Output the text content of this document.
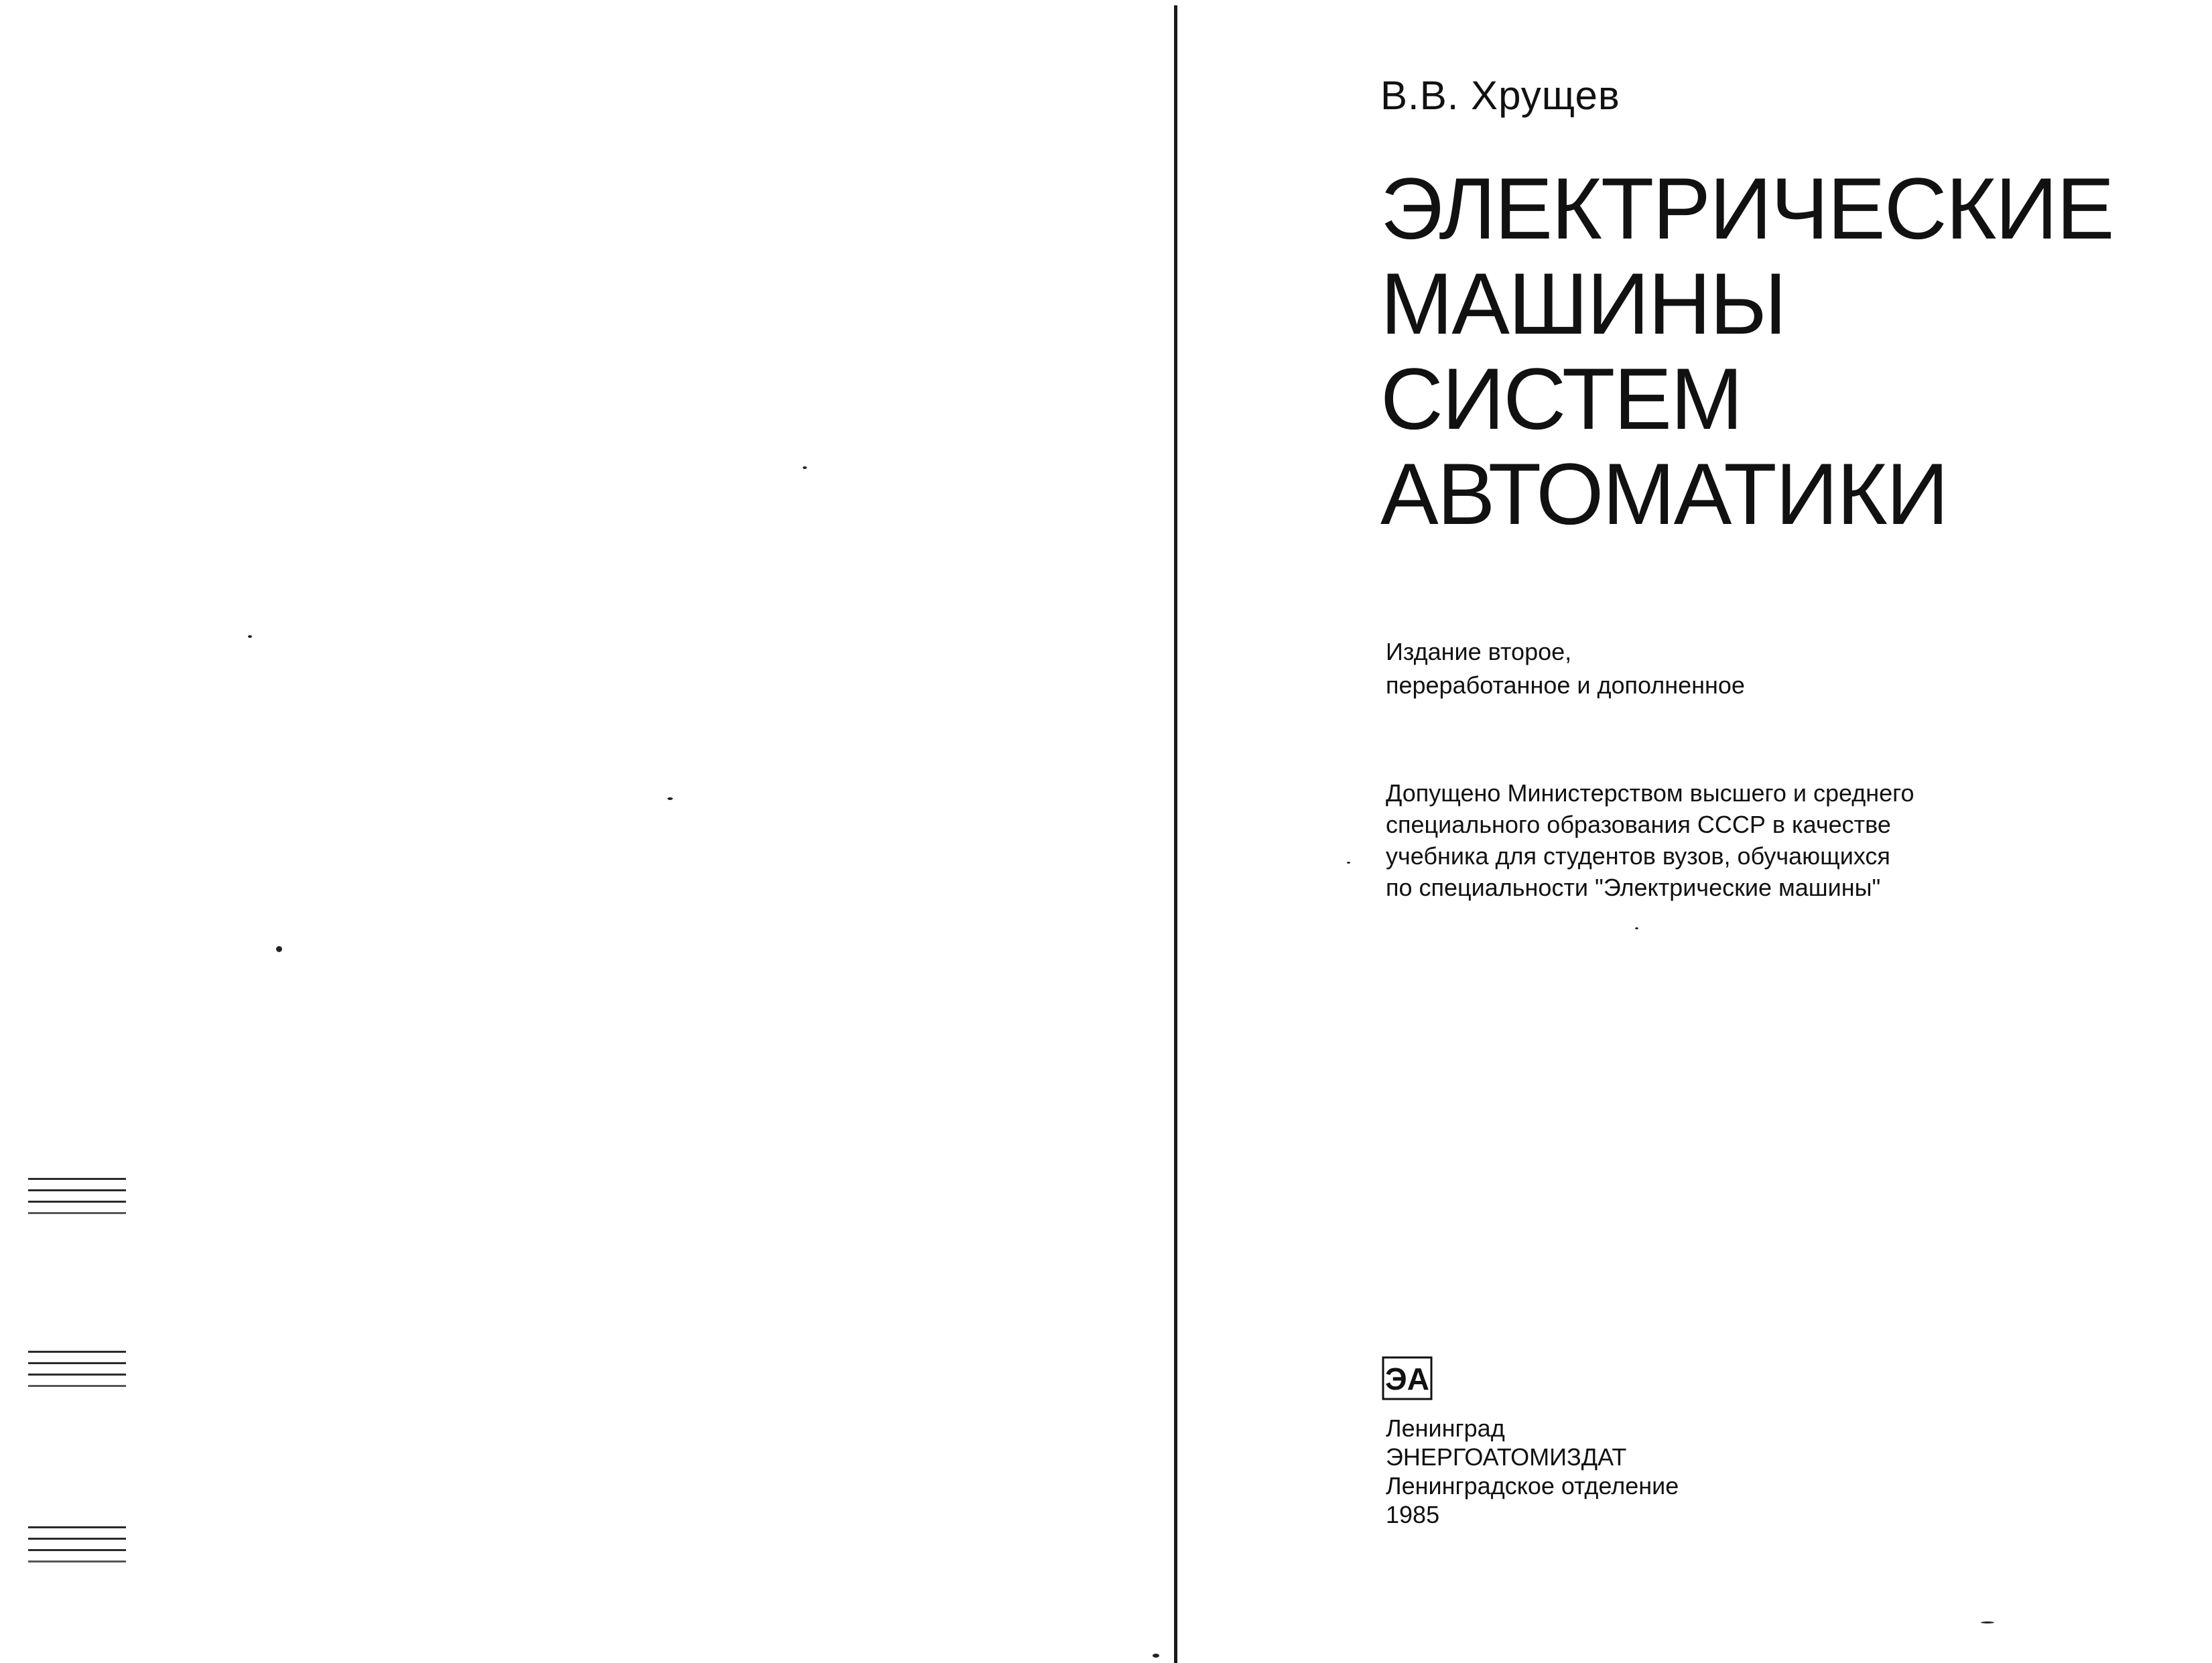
В.В. Хрущев
ЭЛЕКТРИЧЕСКИЕ
МАШИНЫ
СИСТЕМ
АВТОМАТИКИ
Издание второе,
переработанное и дополненное
Допущено Министерством высшего и среднего
специального образования СССР в качестве
учебника для студентов вузов, обучающихся
по специальности "Электрические машины"
ЭА
Ленинград
ЭНЕРГОАТОМИЗДАТ
Ленинградское отделение
1985
